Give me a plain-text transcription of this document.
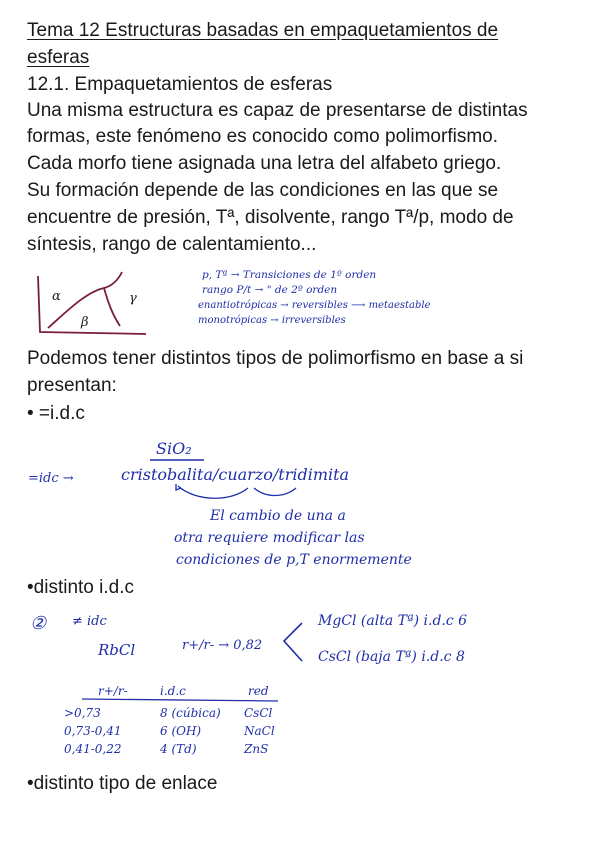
Tema 12 Estructuras basadas en empaquetamientos de
esferas
12.1. Empaquetamientos de esferas
Una misma estructura es capaz de presentarse de distintas
formas, este fenómeno es conocido como polimorfismo.
Cada morfo tiene asignada una letra del alfabeto griego.
Su formación depende de las condiciones en las que se
encuentre de presión, Tª, disolvente, rango Tª/p, modo de
síntesis, rango de calentamiento...
α
β
γ
p, Tª → Transiciones de 1º orden
rango P/t → " de 2º orden
enantiotrópicas → reversibles ⟶ metaestable
monotrópicas → irreversibles
Podemos tener distintos tipos de polimorfismo en base a si
presentan:
• =i.d.c
SiO₂
=idc →	cristobalita/cuarzo/tridimita
El cambio de una a
otra requiere modificar las
condiciones de p,T enormemente
•distinto i.d.c
② ≠ idc
RbCl	r+/r- → 0,82
MgCl (alta Tª) i.d.c 6
CsCl (baja Tª) i.d.c 8
r+/r-	i.d.c	red
>0,73	8 (cúbica) CsCl
0,73-0,41	6 (OH)	NaCl
0,41-0,22	4 (Td)	ZnS
•distinto tipo de enlace
